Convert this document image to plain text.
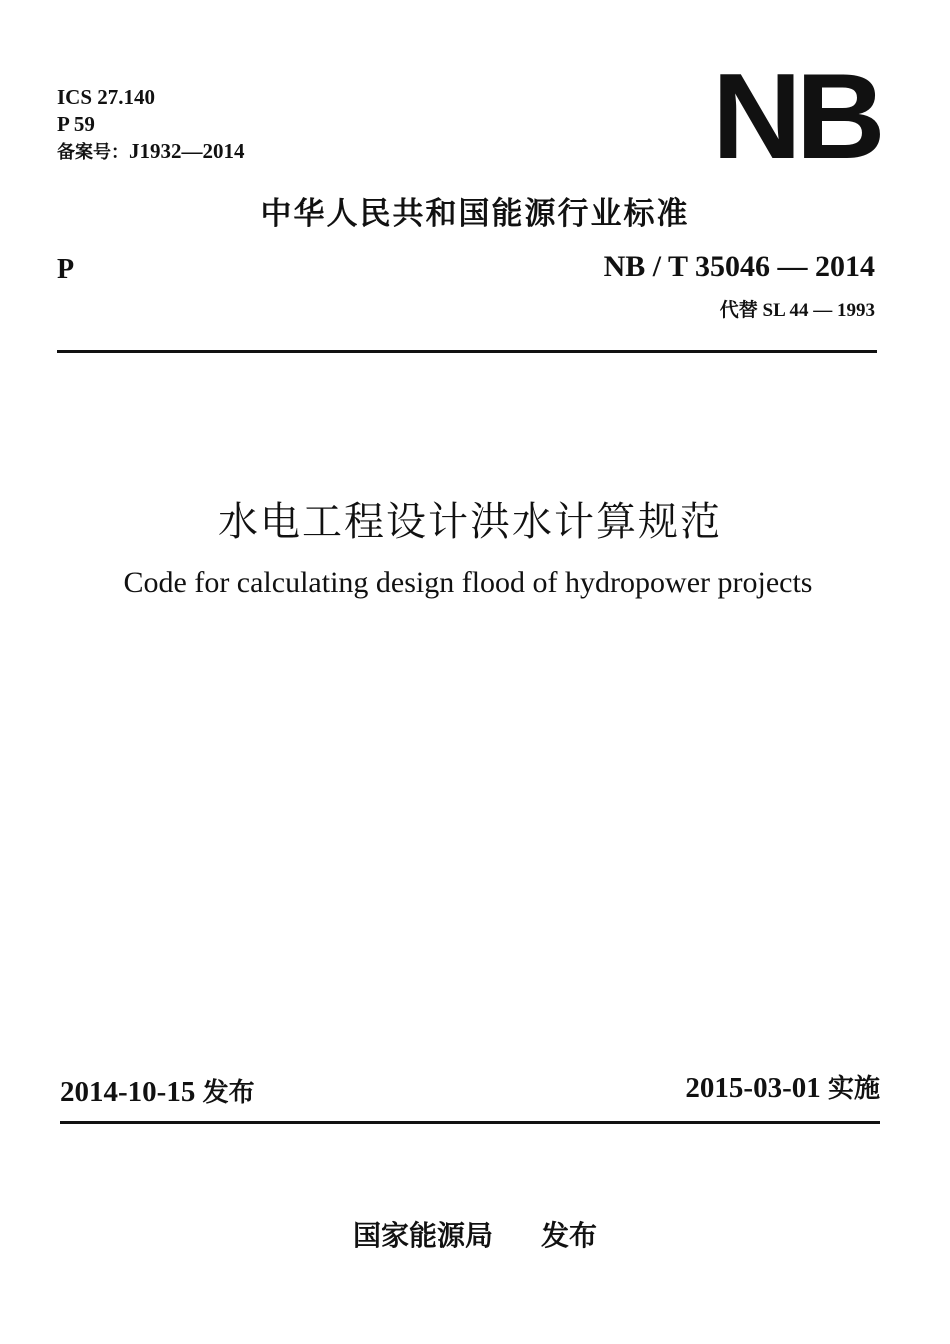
ICS 27.140
P 59
备案号：J1932—2014	NB
中华人民共和国能源行业标准
P	NB / T 35046 — 2014
代替 SL 44 — 1993
水电工程设计洪水计算规范
Code for calculating design flood of hydropower projects
2014-10-15 发布	2015-03-01 实施
国家能源局 发布
